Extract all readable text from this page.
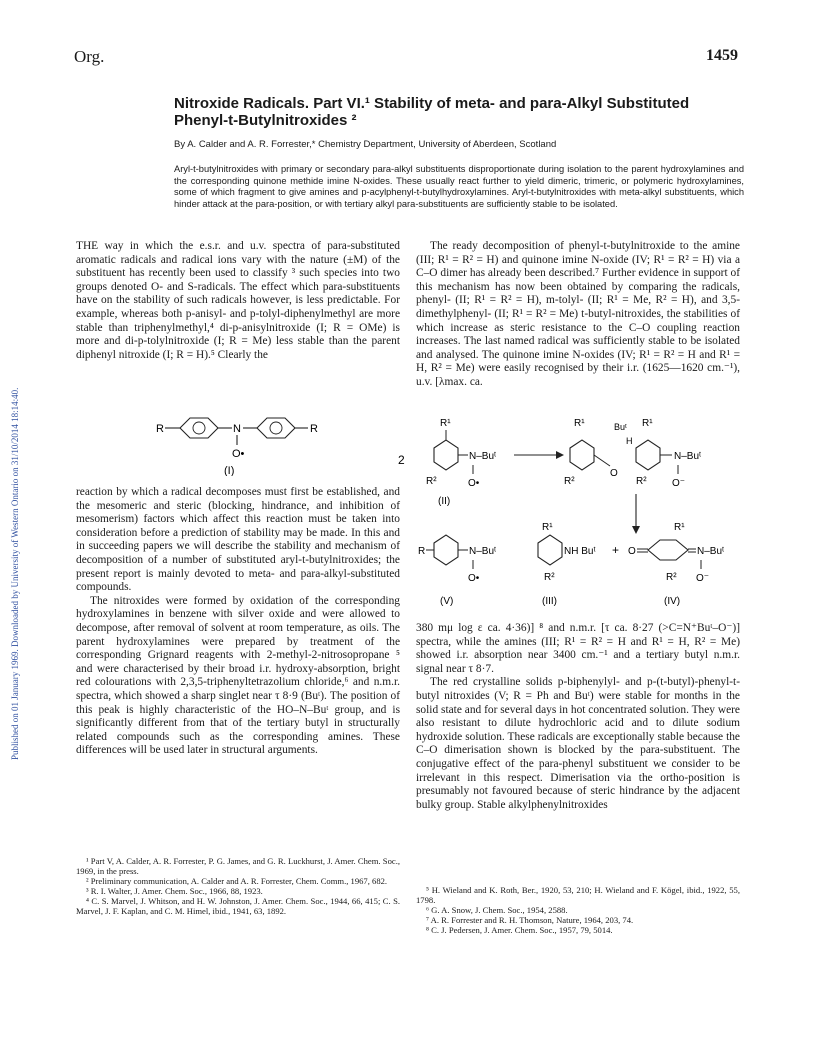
Org.	1459
Published on 01 January 1969. Downloaded by University of Western Ontario on 31/10/2014 18:14:40.
Nitroxide Radicals. Part VI.¹ Stability of meta- and para-Alkyl Substituted Phenyl-t-Butylnitroxides ²
By A. Calder and A. R. Forrester,* Chemistry Department, University of Aberdeen, Scotland
Aryl-t-butylnitroxides with primary or secondary para-alkyl substituents disproportionate during isolation to the parent hydroxylamines and the corresponding quinone methide imine N-oxides. These usually react further to yield dimeric, trimeric, or polymeric hydroxylamines, some of which fragment to give amines and p-acylphenyl-t-butylhydroxylamines. Aryl-t-butylnitroxides with meta-alkyl substituents, which hinder attack at the para-position, or with tertiary alkyl para-substituents are sufficiently stable to be isolated.

THE way in which the e.s.r. and u.v. spectra of para-substituted aromatic radicals and radical ions vary with the nature (±M) of the substituent has recently been used to classify ³ such species into two groups denoted O- and S-radicals. The effect which para-substituents have on the stability of such radicals however, is less predictable. For example, whereas both p-anisyl- and p-tolyl-diphenylmethyl are more stable than triphenylmethyl,⁴ di-p-anisylnitroxide (I; R = OMe) is more and di-p-tolylnitroxide (I; R = Me) less stable than the parent diphenyl nitroxide (I; R = H).⁵ Clearly the

R	N
O•
R
(I)

reaction by which a radical decomposes must first be established, and the mesomeric and steric (blocking, hindrance, and inhibition of mesomerism) factors which affect this reaction must be taken into consideration before a prediction of stability may be made. In this and in succeeding papers we will describe the stability and mechanism of decomposition of a number of substituted aryl-t-butylnitroxides; the present report is mainly devoted to meta- and para-alkyl-substituted compounds.

The nitroxides were formed by oxidation of the corresponding hydroxylamines in benzene with silver oxide and were allowed to decompose, after removal of solvent at room temperature, as oils. The parent hydroxylamines were prepared by treatment of the corresponding Grignard reagents with 2-methyl-2-nitrosopropane ⁵ and were characterised by their broad i.r. hydroxy-absorption, bright red colourations with 2,3,5-triphenyltetrazolium chloride,⁶ and n.m.r. spectra, which showed a sharp singlet near τ 8·9 (Buᵗ). The position of this peak is highly characteristic of the HO–N–Buᵗ group, and is significantly different from that of the tertiary butyl in structurally related compounds such as the corresponding amines. These differences will be used later in structural arguments.

¹ Part V, A. Calder, A. R. Forrester, P. G. James, and G. R. Luckhurst, J. Amer. Chem. Soc., 1969, in the press.

² Preliminary communication, A. Calder and A. R. Forrester, Chem. Comm., 1967, 682.

³ R. I. Walter, J. Amer. Chem. Soc., 1966, 88, 1923.

⁴ C. S. Marvel, J. Whitson, and H. W. Johnston, J. Amer. Chem. Soc., 1944, 66, 415; C. S. Marvel, J. F. Kaplan, and C. M. Himel, ibid., 1941, 63, 1892.

The ready decomposition of phenyl-t-butylnitroxide to the amine (III; R¹ = R² = H) and quinone imine N-oxide (IV; R¹ = R² = H) via a C–O dimer has already been described.⁷ Further evidence in support of this mechanism has now been obtained by comparing the radicals, phenyl- (II; R¹ = R² = H), m-tolyl- (II; R¹ = Me, R² = H), and 3,5-dimethylphenyl- (II; R¹ = R² = Me) t-butyl-nitroxides, the stabilities of which increase as steric resistance to the C–O coupling reaction increases. The last named radical was sufficiently stable to be isolated and analysed. The quinone imine N-oxides (IV; R¹ = R² = H and R¹ = H, R² = Me) were easily recognised by their i.r. (1625—1620 cm.⁻¹), u.v. [λmax. ca.

2
R¹
N–Buᵗ
O•
R²
(II)
R¹
O
Buᵗ
H
R²
R¹
N–Buᵗ
O⁻
R²
R	N–Buᵗ
O•
(V)
R¹
NH Buᵗ
R²
(III)
+ O
R¹
N–Buᵗ
O⁻
R²
(IV)

380 mμ log ε ca. 4·36)] ⁸ and n.m.r. [τ ca. 8·27 (>C=N⁺Buᵗ–O⁻)] spectra, while the amines (III; R¹ = R² = H and R¹ = H, R² = Me) showed i.r. absorption near 3400 cm.⁻¹ and a tertiary butyl n.m.r. signal near τ 8·7.

The red crystalline solids p-biphenylyl- and p-(t-butyl)-phenyl-t-butyl nitroxides (V; R = Ph and Buᵗ) were stable for months in the solid state and for several days in hot concentrated solution. They were also resistant to dilute hydrochloric acid and to dilute sodium hydroxide solution. These radicals are exceptionally stable because the C–O dimerisation shown is blocked by the para-substituent. The conjugative effect of the para-phenyl substituent we consider to be irrelevant in this respect. Dimerisation via the ortho-position is presumably not favoured because of steric hindrance by the adjacent bulky group. Stable alkylphenylnitroxides

⁵ H. Wieland and K. Roth, Ber., 1920, 53, 210; H. Wieland and F. Kögel, ibid., 1922, 55, 1798.

⁶ G. A. Snow, J. Chem. Soc., 1954, 2588.

⁷ A. R. Forrester and R. H. Thomson, Nature, 1964, 203, 74.

⁸ C. J. Pedersen, J. Amer. Chem. Soc., 1957, 79, 5014.
